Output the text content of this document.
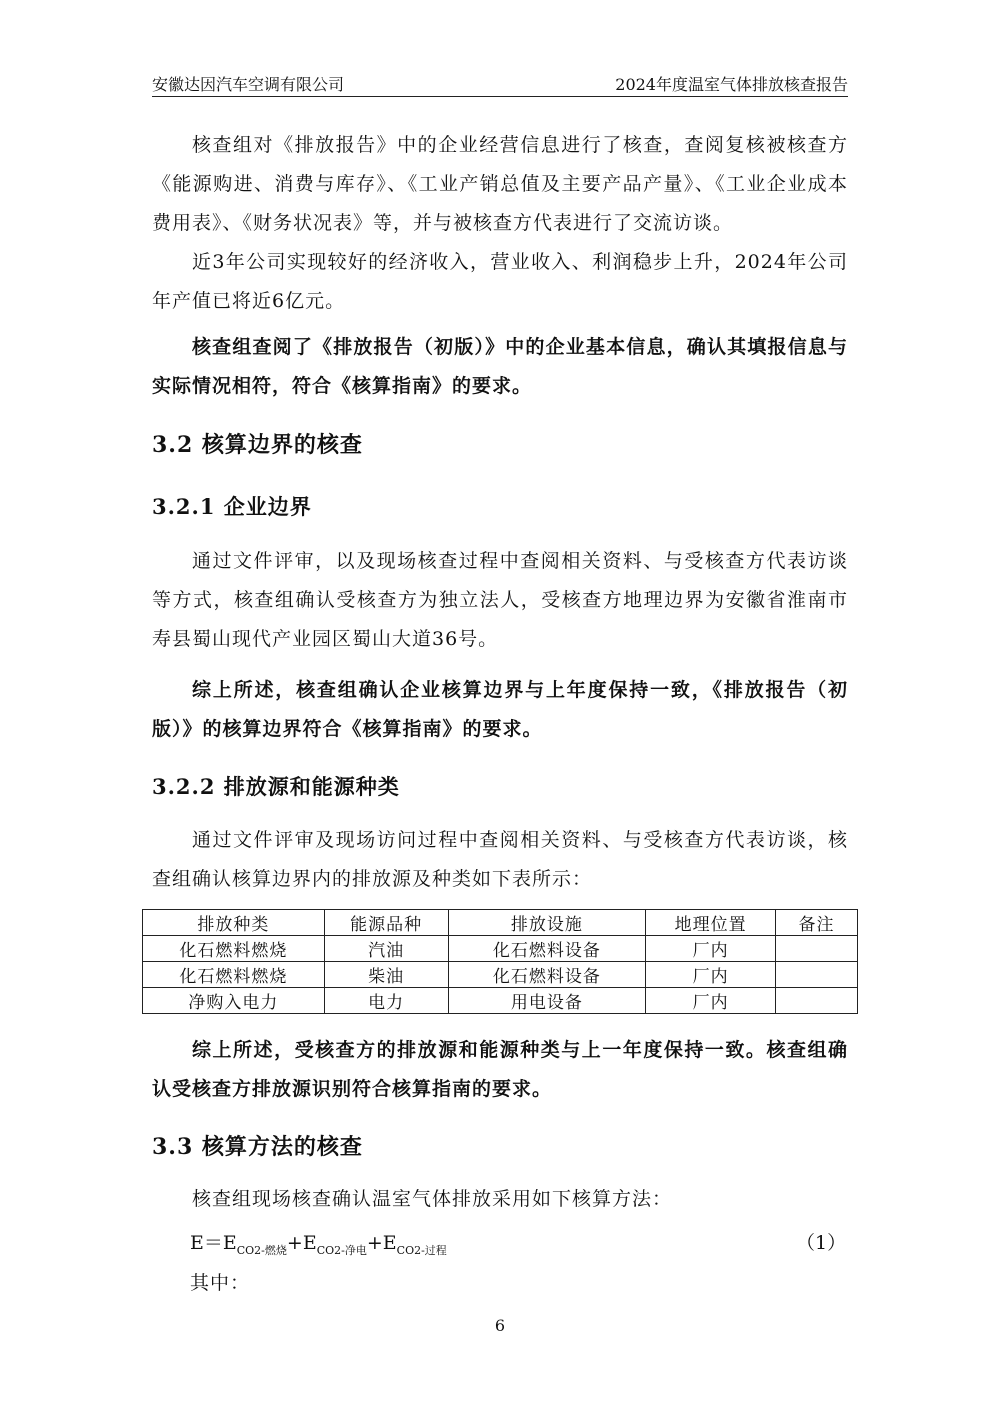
安徽达因汽车空调有限公司	2024年度温室气体排放核查报告

核查组对《排放报告》中的企业经营信息进行了核查，查阅复核被核查方《能源购进、消费与库存》、《工业产销总值及主要产品产量》、《工业企业成本费用表》、《财务状况表》等，并与被核查方代表进行了交流访谈。

近3年公司实现较好的经济收入，营业收入、利润稳步上升，2024年公司年产值已将近6亿元。

核查组查阅了《排放报告（初版）》中的企业基本信息，确认其填报信息与实际情况相符，符合《核算指南》的要求。

3.2 核算边界的核查
3.2.1 企业边界

通过文件评审，以及现场核查过程中查阅相关资料、与受核查方代表访谈等方式，核查组确认受核查方为独立法人，受核查方地理边界为安徽省淮南市寿县蜀山现代产业园区蜀山大道36号。

综上所述，核查组确认企业核算边界与上年度保持一致，《排放报告（初版）》的核算边界符合《核算指南》的要求。

3.2.2 排放源和能源种类

通过文件评审及现场访问过程中查阅相关资料、与受核查方代表访谈，核查组确认核算边界内的排放源及种类如下表所示：

排放种类	能源品种	排放设施	地理位置	备注
化石燃料燃烧	汽油	化石燃料设备	厂内	
化石燃料燃烧	柴油	化石燃料设备	厂内	
净购入电力	电力	用电设备	厂内	

综上所述，受核查方的排放源和能源种类与上一年度保持一致。核查组确认受核查方排放源识别符合核算指南的要求。

3.3 核算方法的核查

核查组现场核查确认温室气体排放采用如下核算方法：

$E=E_{CO2-燃烧}+E_{CO2-净电}+E_{CO2-过程}$	（1）
其中：
6
